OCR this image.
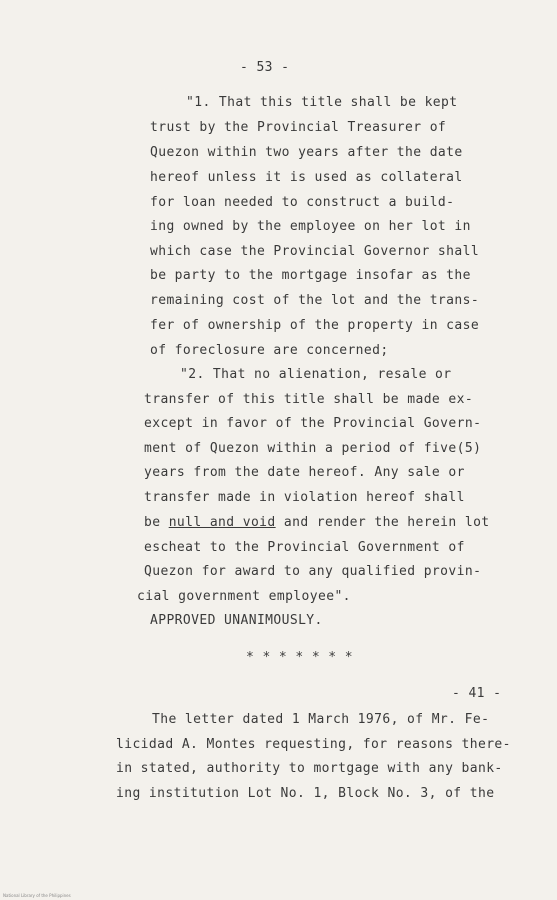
- 53 -
"1. That this title shall be kept
trust by the Provincial Treasurer of
Quezon within two years after the date
hereof unless it is used as collateral
for loan needed to construct a build-
ing owned by the employee on her lot in
which case the Provincial Governor shall
be party to the mortgage insofar as the
remaining cost of the lot and the trans-
fer of ownership of the property in case
of foreclosure are concerned;
"2. That no alienation, resale or
transfer of this title shall be made ex-
except in favor of the Provincial Govern-
ment of Quezon within a period of five(5)
years from the date hereof. Any sale or
transfer made in violation hereof shall
be null and void and render the herein lot
escheat to the Provincial Government of
Quezon for award to any qualified provin-
cial government employee".
APPROVED UNANIMOUSLY.
* * * * * * *
- 41 -
The letter dated 1 March 1976, of Mr. Fe-
licidad A. Montes requesting, for reasons there-
in stated, authority to mortgage with any bank-
ing institution Lot No. 1, Block No. 3, of the
National Library of the Philippines
